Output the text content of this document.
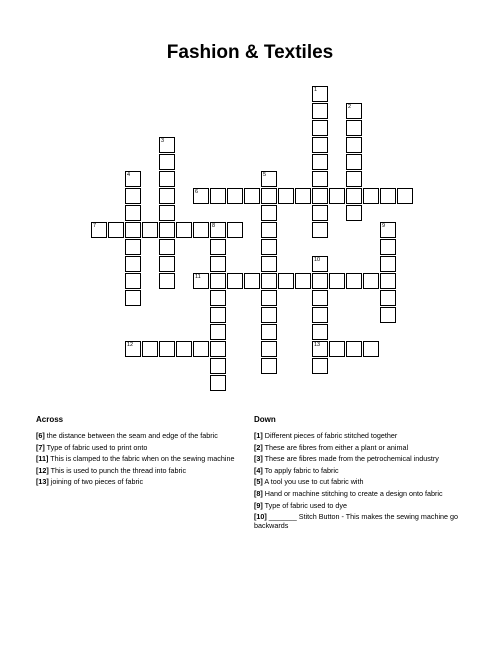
Fashion & Textiles
1
2
3
4	5
6
7	8	9
10
13
11
12
Across
[6] the distance between the seam and edge of the fabric
[7] Type of fabric used to print onto
[11] This is clamped to the fabric when on the sewing machine
[12] This is used to punch the thread into fabric
[13] joining of two pieces of fabric
Down
[1] Different pieces of fabric stitched together
[2] These are fibres from either a plant or animal
[3] These are fibres made from the petrochemical industry
[4] To apply fabric to fabric
[5] A tool you use to cut fabric with
[8] Hand or machine stitching to create a design onto fabric
[9] Type of fabric used to dye
[10] _______ Stitch Button - This makes the sewing machine go backwards
